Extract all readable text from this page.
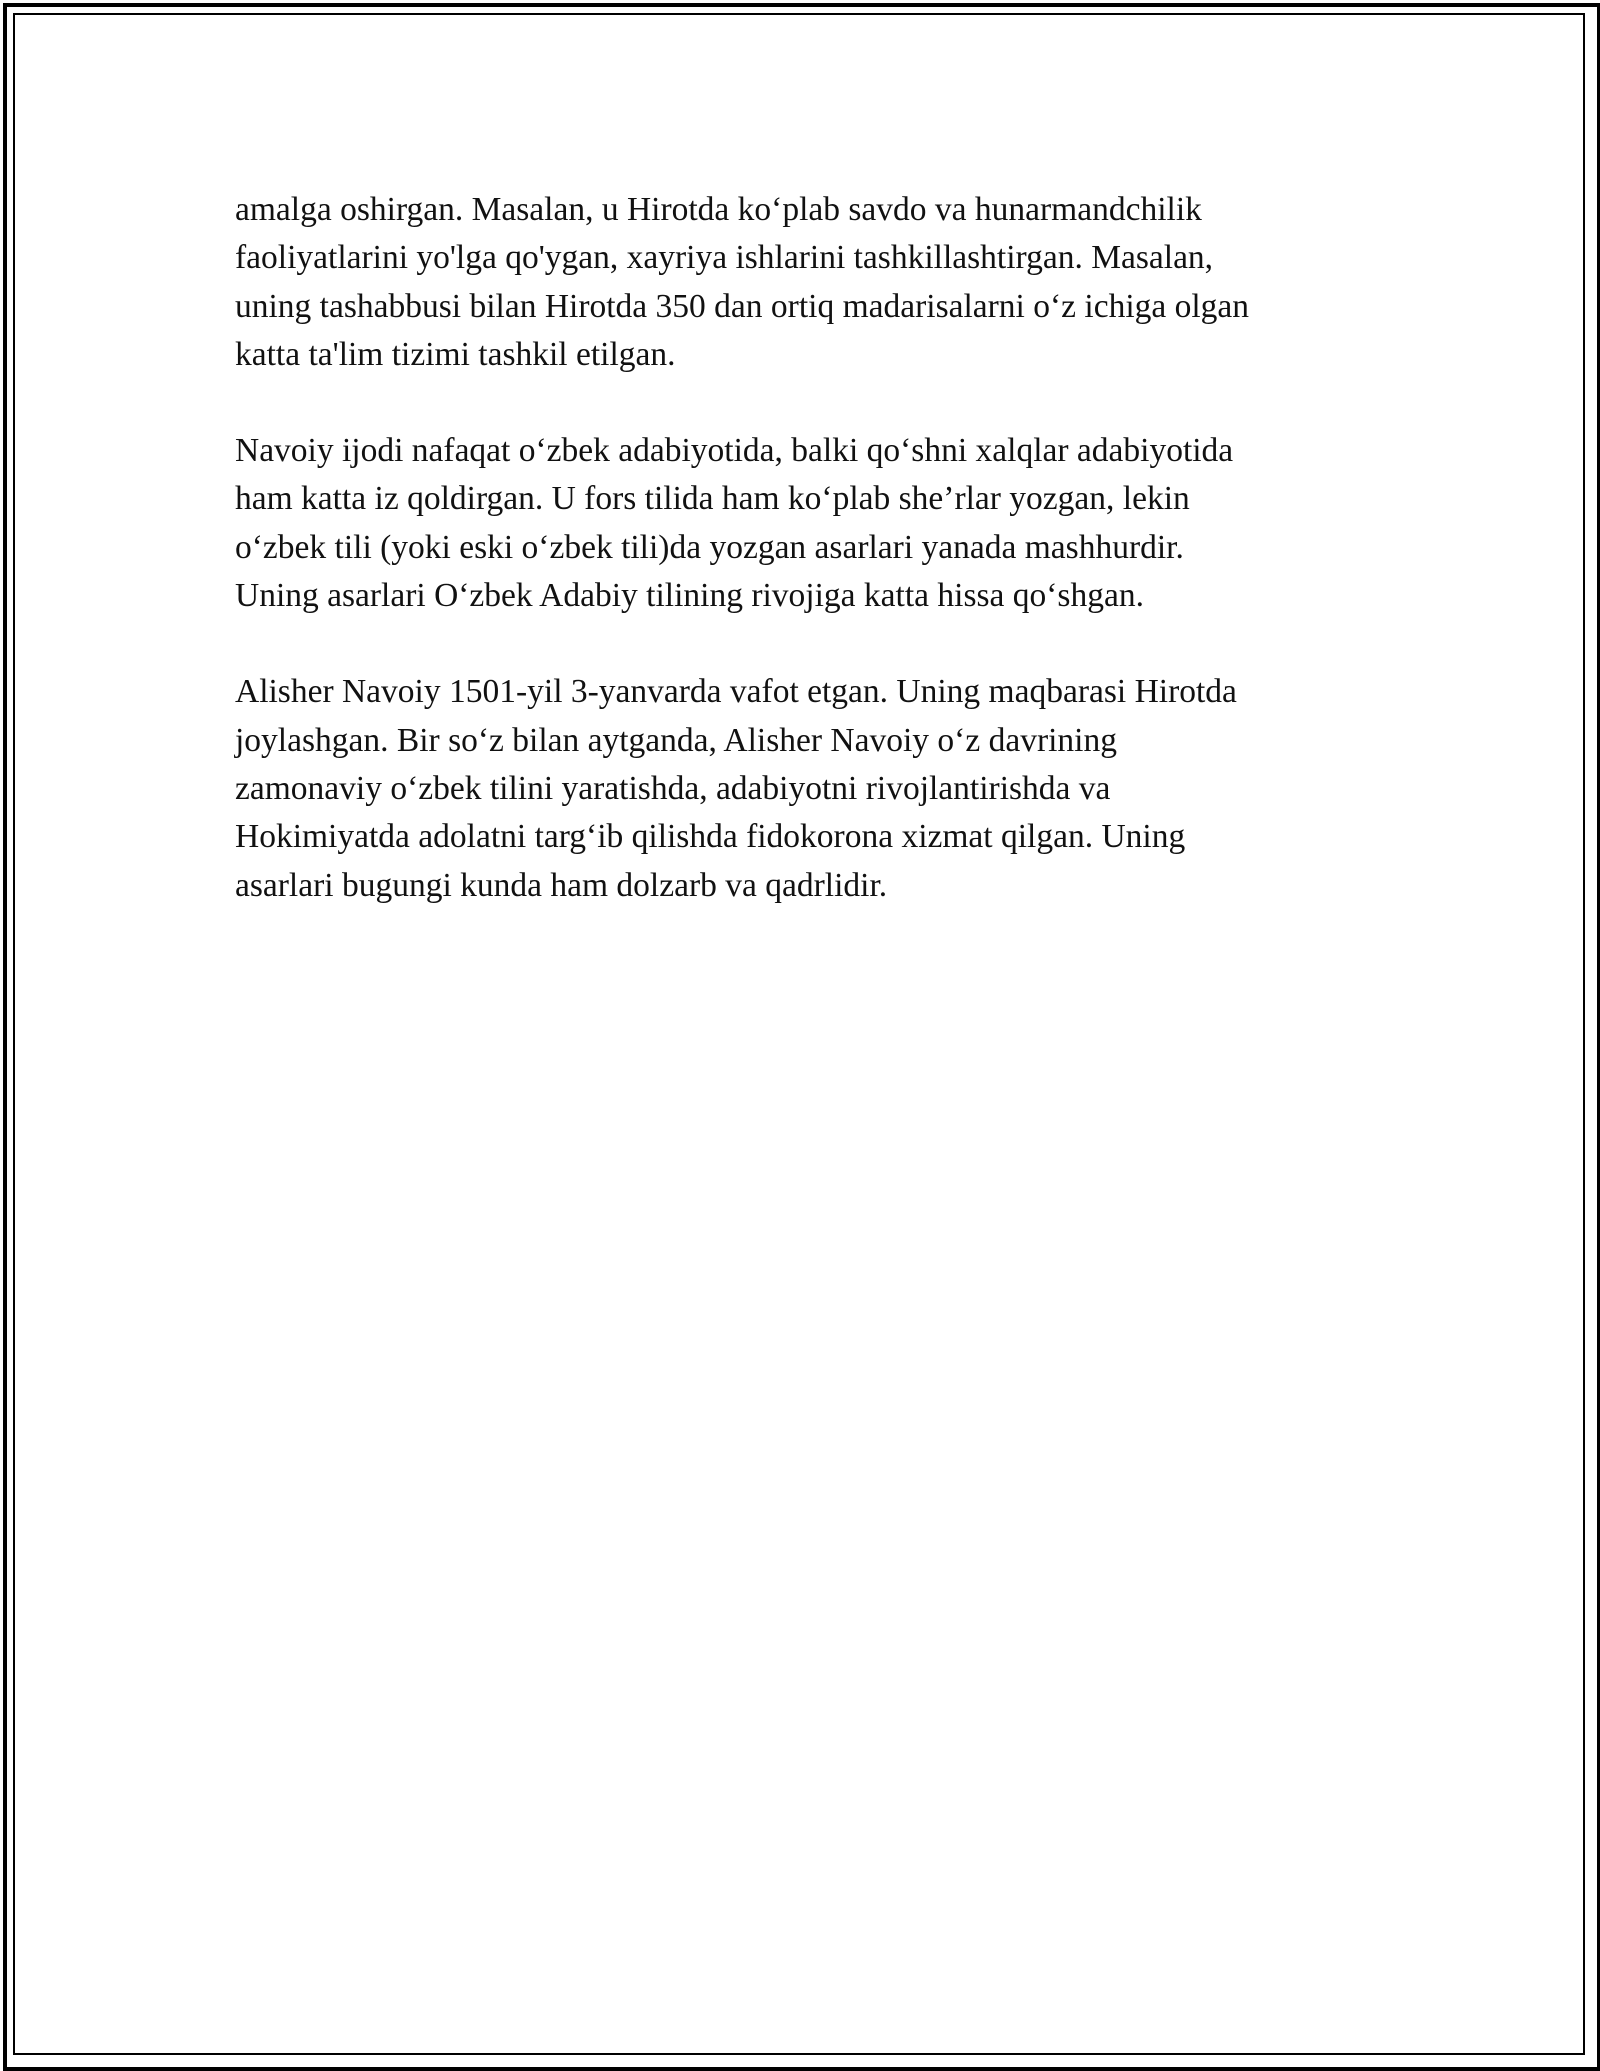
amalga oshirgan. Masalan, u Hirotda ko‘plab savdo va hunarmandchilik
faoliyatlarini yo'lga qo'ygan, xayriya ishlarini tashkillashtirgan. Masalan,
uning tashabbusi bilan Hirotda 350 dan ortiq madarisalarni o‘z ichiga olgan
katta ta'lim tizimi tashkil etilgan.

Navoiy ijodi nafaqat o‘zbek adabiyotida, balki qo‘shni xalqlar adabiyotida
ham katta iz qoldirgan. U fors tilida ham ko‘plab she’rlar yozgan, lekin
o‘zbek tili (yoki eski o‘zbek tili)da yozgan asarlari yanada mashhurdir.
Uning asarlari O‘zbek Adabiy tilining rivojiga katta hissa qo‘shgan.

Alisher Navoiy 1501-yil 3-yanvarda vafot etgan. Uning maqbarasi Hirotda
joylashgan. Bir so‘z bilan aytganda, Alisher Navoiy o‘z davrining
zamonaviy o‘zbek tilini yaratishda, adabiyotni rivojlantirishda va
Hokimiyatda adolatni targ‘ib qilishda fidokorona xizmat qilgan. Uning
asarlari bugungi kunda ham dolzarb va qadrlidir.
